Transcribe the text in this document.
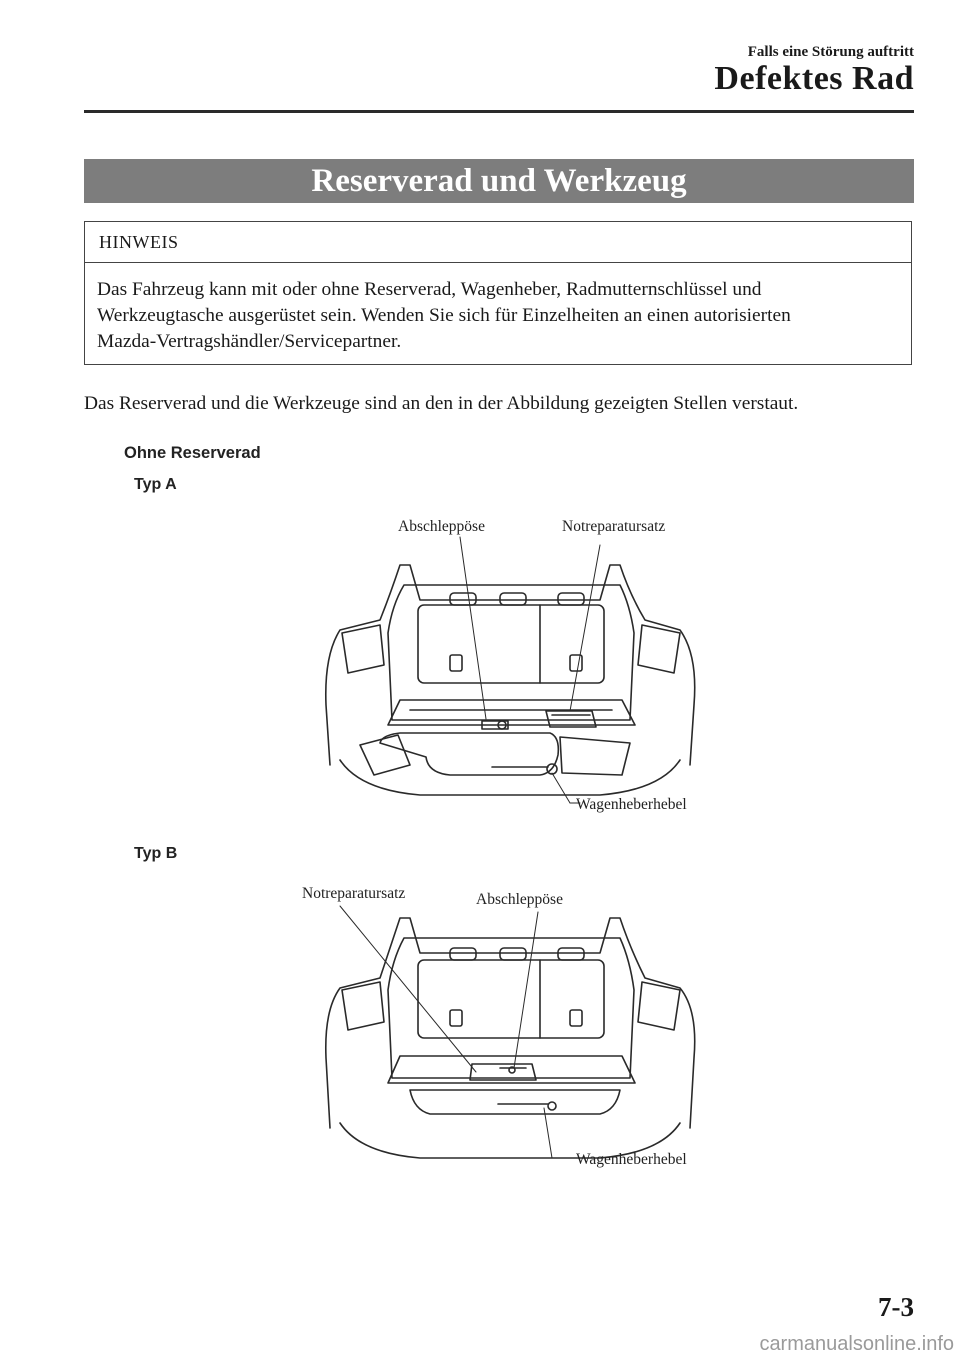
Falls eine Störung auftritt
Defektes Rad
Reserverad und Werkzeug
HINWEIS
Das Fahrzeug kann mit oder ohne Reserverad, Wagenheber, Radmutternschlüssel und
Werkzeugtasche ausgerüstet sein. Wenden Sie sich für Einzelheiten an einen autorisierten
Mazda-Vertragshändler/Servicepartner.
Das Reserverad und die Werkzeuge sind an den in der Abbildung gezeigten Stellen verstaut.
Ohne Reserverad
Typ A
Abschleppöse	Notreparatursatz
Wagenheberhebel
Typ B
Notreparatursatz	Abschleppöse
Wagenheberhebel
7-3
carmanualsonline.info
